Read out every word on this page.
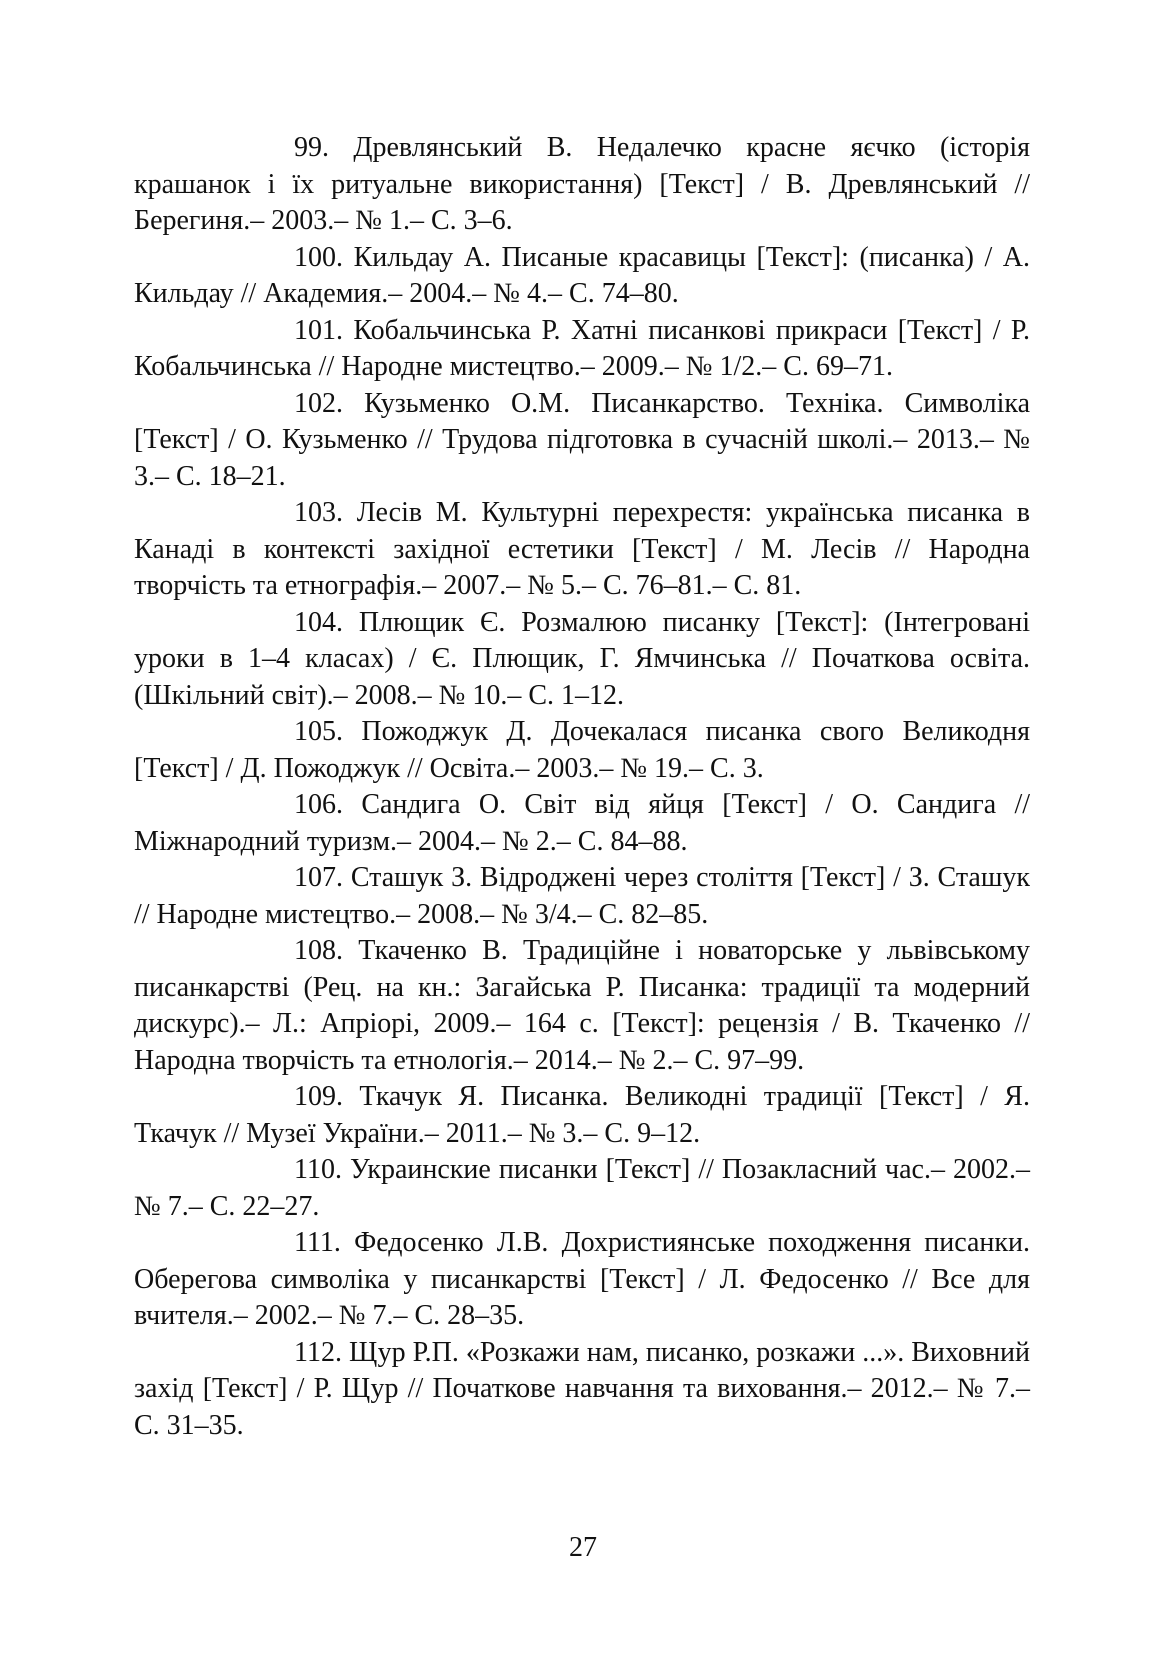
99. Древлянський В. Недалечко красне яєчко (історія крашанок і їх ритуальне використання) [Текст] / В. Древлянський // Берегиня.– 2003.– № 1.– С. 3–6.

100. Кильдау А. Писаные красавицы [Текст]: (писанка) / А. Кильдау // Академия.– 2004.– № 4.– С. 74–80.

101. Кобальчинська Р. Хатні писанкові прикраси [Текст] / Р. Кобальчинська // Народне мистецтво.– 2009.– № 1/2.– С. 69–71.

102. Кузьменко О.М. Писанкарство. Техніка. Символіка [Текст] / О. Кузьменко // Трудова підготовка в сучасній школі.– 2013.– № 3.– С. 18–21.

103. Лесів М. Культурні перехрестя: українська писанка в Канаді в контексті західної естетики [Текст] / М. Лесів // Народна творчість та етнографія.– 2007.– № 5.– С. 76–81.– С. 81.

104. Плющик Є. Розмалюю писанку [Текст]: (Інтегровані уроки в 1–4 класах) / Є. Плющик, Г. Ямчинська // Початкова освіта. (Шкільний світ).– 2008.– № 10.– С. 1–12.

105. Пожоджук Д. Дочекалася писанка свого Великодня [Текст] / Д. Пожоджук // Освіта.– 2003.– № 19.– С. 3.

106. Сандига О. Світ від яйця [Текст] / О. Сандига // Міжнародний туризм.– 2004.– № 2.– С. 84–88.

107. Сташук З. Відроджені через століття [Текст] / З. Сташук // Народне мистецтво.– 2008.– № 3/4.– С. 82–85.

108. Ткаченко В. Традиційне і новаторське у львівському писанкарстві (Рец. на кн.: Загайська Р. Писанка: традиції та модерний дискурс).– Л.: Апріорі, 2009.– 164 с. [Текст]: рецензія / В. Ткаченко // Народна творчість та етнологія.– 2014.– № 2.– С. 97–99.

109. Ткачук Я. Писанка. Великодні традиції [Текст] / Я. Ткачук // Музеї України.– 2011.– № 3.– С. 9–12.

110. Украинские писанки [Текст] // Позакласний час.– 2002.– № 7.– С. 22–27.

111. Федосенко Л.В. Дохристиянське походження писанки. Оберегова символіка у писанкарстві [Текст] / Л. Федосенко // Все для вчителя.– 2002.– № 7.– С. 28–35.

112. Щур Р.П. «Розкажи нам, писанко, розкажи ...». Виховний захід [Текст] / Р. Щур // Початкове навчання та виховання.– 2012.– № 7.– С. 31–35.

27
